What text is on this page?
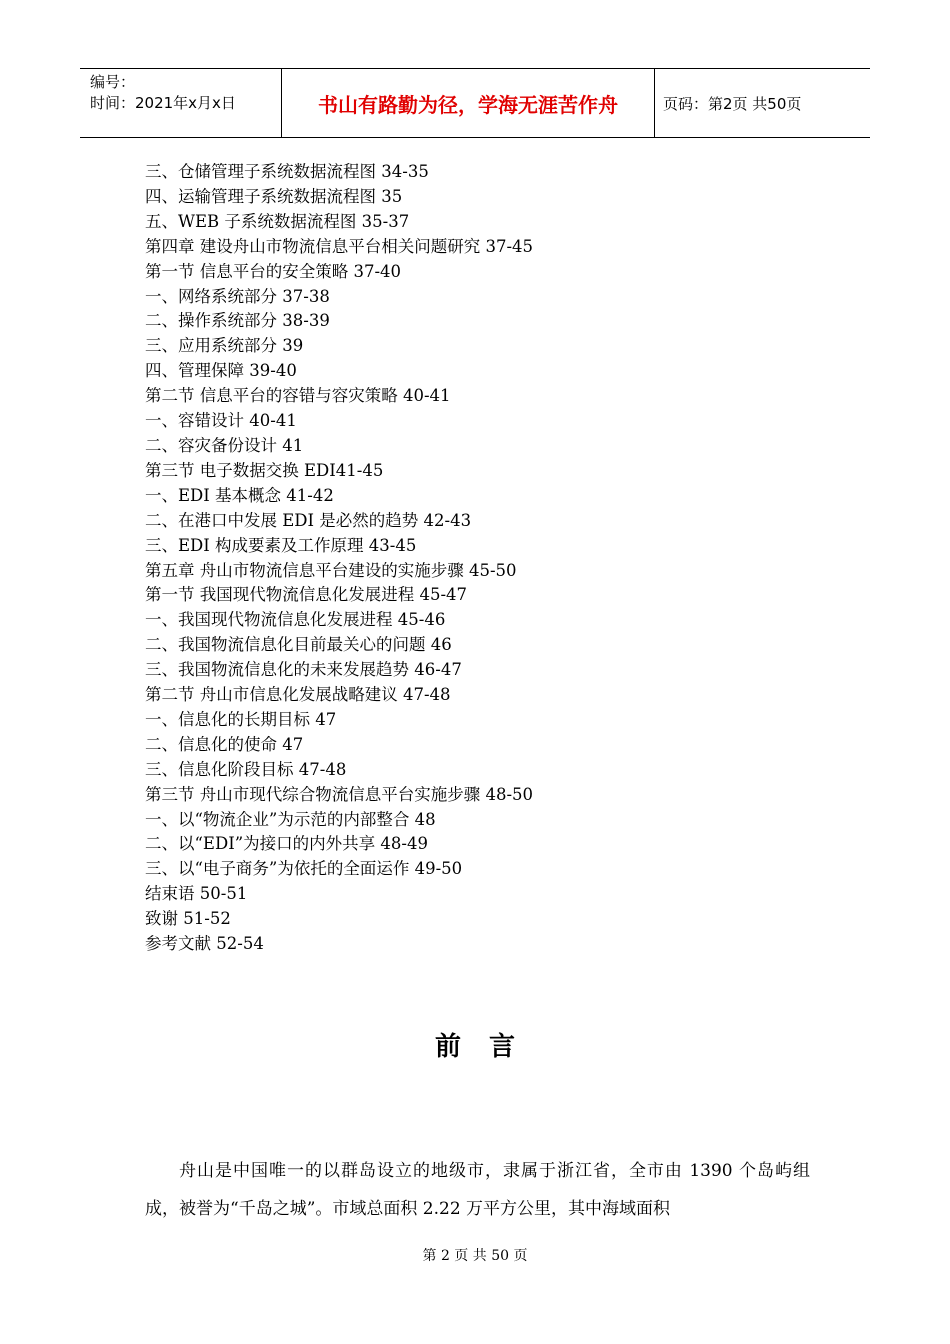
编号：
时间：2021年x月x日	书山有路勤为径，学海无涯苦作舟	页码：第2页 共50页
三、仓储管理子系统数据流程图 34-35
四、运输管理子系统数据流程图 35
五、WEB 子系统数据流程图 35-37
第四章 建设舟山市物流信息平台相关问题研究 37-45
第一节 信息平台的安全策略 37-40
一、网络系统部分 37-38
二、操作系统部分 38-39
三、应用系统部分 39
四、管理保障 39-40
第二节 信息平台的容错与容灾策略 40-41
一、容错设计 40-41
二、容灾备份设计 41
第三节 电子数据交换 EDI41-45
一、EDI 基本概念 41-42
二、在港口中发展 EDI 是必然的趋势 42-43
三、EDI 构成要素及工作原理 43-45
第五章 舟山市物流信息平台建设的实施步骤 45-50
第一节 我国现代物流信息化发展进程 45-47
一、我国现代物流信息化发展进程 45-46
二、我国物流信息化目前最关心的问题 46
三、我国物流信息化的未来发展趋势 46-47
第二节 舟山市信息化发展战略建议 47-48
一、信息化的长期目标 47
二、信息化的使命 47
三、信息化阶段目标 47-48
第三节 舟山市现代综合物流信息平台实施步骤 48-50
一、以“物流企业”为示范的内部整合 48
二、以“EDI”为接口的内外共享 48-49
三、以“电子商务”为依托的全面运作 49-50
结束语 50-51
致谢 51-52
参考文献 52-54
前言

舟山是中国唯一的以群岛设立的地级市，隶属于浙江省，全市由 1390 个岛屿组成，被誉为“千岛之城”。市域总面积 2.22 万平方公里，其中海域面积

第 2 页 共 50 页
